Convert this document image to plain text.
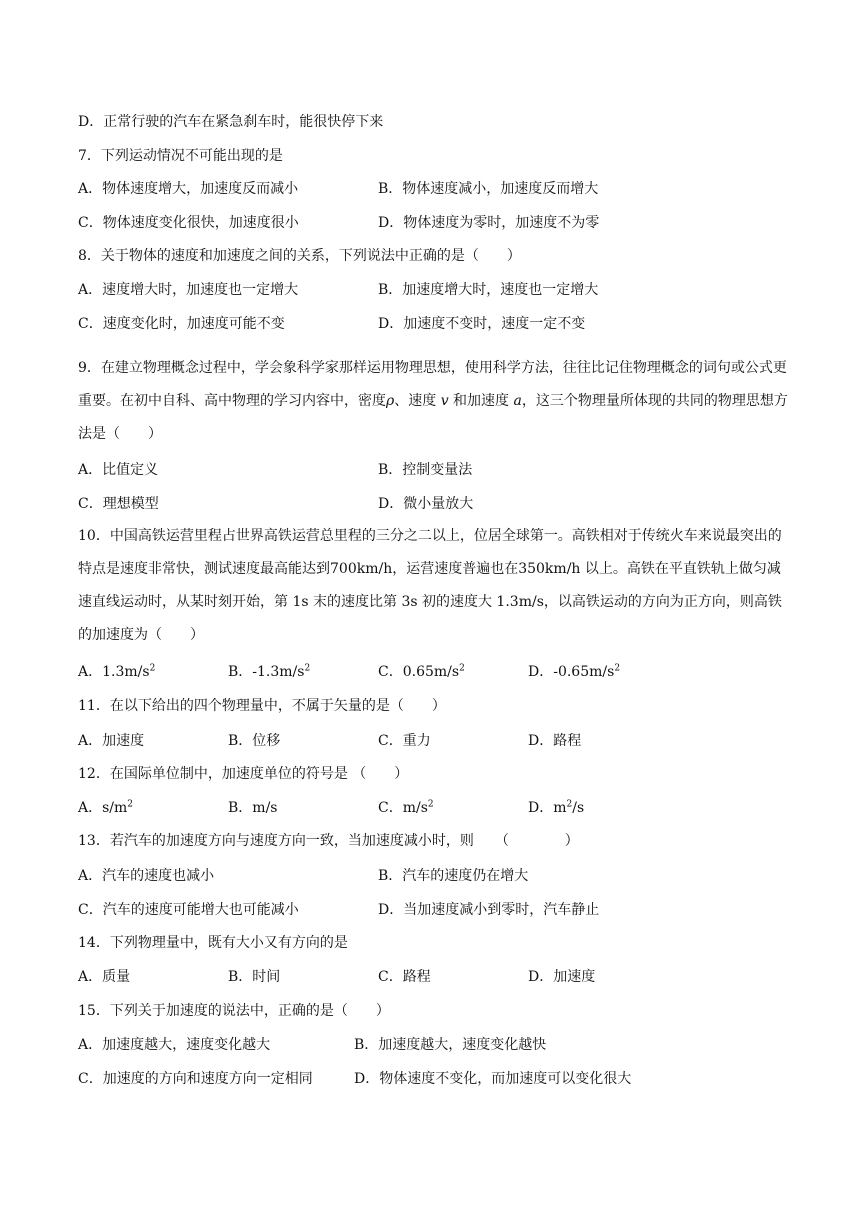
D．正常行驶的汽车在紧急刹车时，能很快停下来
7．下列运动情况不可能出现的是
A．物体速度增大，加速度反而减小	B．物体速度减小，加速度反而增大
C．物体速度变化很快，加速度很小	D．物体速度为零时，加速度不为零
8．关于物体的速度和加速度之间的关系，下列说法中正确的是（　　）
A．速度增大时，加速度也一定增大	B．加速度增大时，速度也一定增大
C．速度变化时，加速度可能不变	D．加速度不变时，速度一定不变
9．在建立物理概念过程中，学会象科学家那样运用物理思想，使用科学方法，往往比记住物理概念的词句或公式更重要。在初中自科、高中物理的学习内容中，密度ρ、速度 v 和加速度 a，这三个物理量所体现的共同的物理思想方法是（　　）
A．比值定义	B．控制变量法
C．理想模型	D．微小量放大
10．中国高铁运营里程占世界高铁运营总里程的三分之二以上，位居全球第一。高铁相对于传统火车来说最突出的特点是速度非常快，测试速度最高能达到700km/h，运营速度普遍也在350km/h 以上。高铁在平直铁轨上做匀减速直线运动时，从某时刻开始，第 1s 末的速度比第 3s 初的速度大 1.3m/s，以高铁运动的方向为正方向，则高铁的加速度为（　　）
A．$1.3m/s^2$	B．$-1.3m/s^2$	C．$0.65m/s^2$	D．$-0.65m/s^2$
11．在以下给出的四个物理量中，不属于矢量的是（　　）
A．加速度	B．位移	C．重力	D．路程
12．在国际单位制中，加速度单位的符号是 （　　）
A．$s/m^2$	B．m/s	C．$m/s^2$	D．$m^2/s$
13．若汽车的加速度方向与速度方向一致，当加速度减小时，则　　（　　　　）
A．汽车的速度也减小	B．汽车的速度仍在增大
C．汽车的速度可能增大也可能减小	D．当加速度减小到零时，汽车静止
14．下列物理量中，既有大小又有方向的是
A．质量	B．时间	C．路程	D．加速度
15．下列关于加速度的说法中，正确的是（　　）
A．加速度越大，速度变化越大	B．加速度越大，速度变化越快
C．加速度的方向和速度方向一定相同	D．物体速度不变化，而加速度可以变化很大
